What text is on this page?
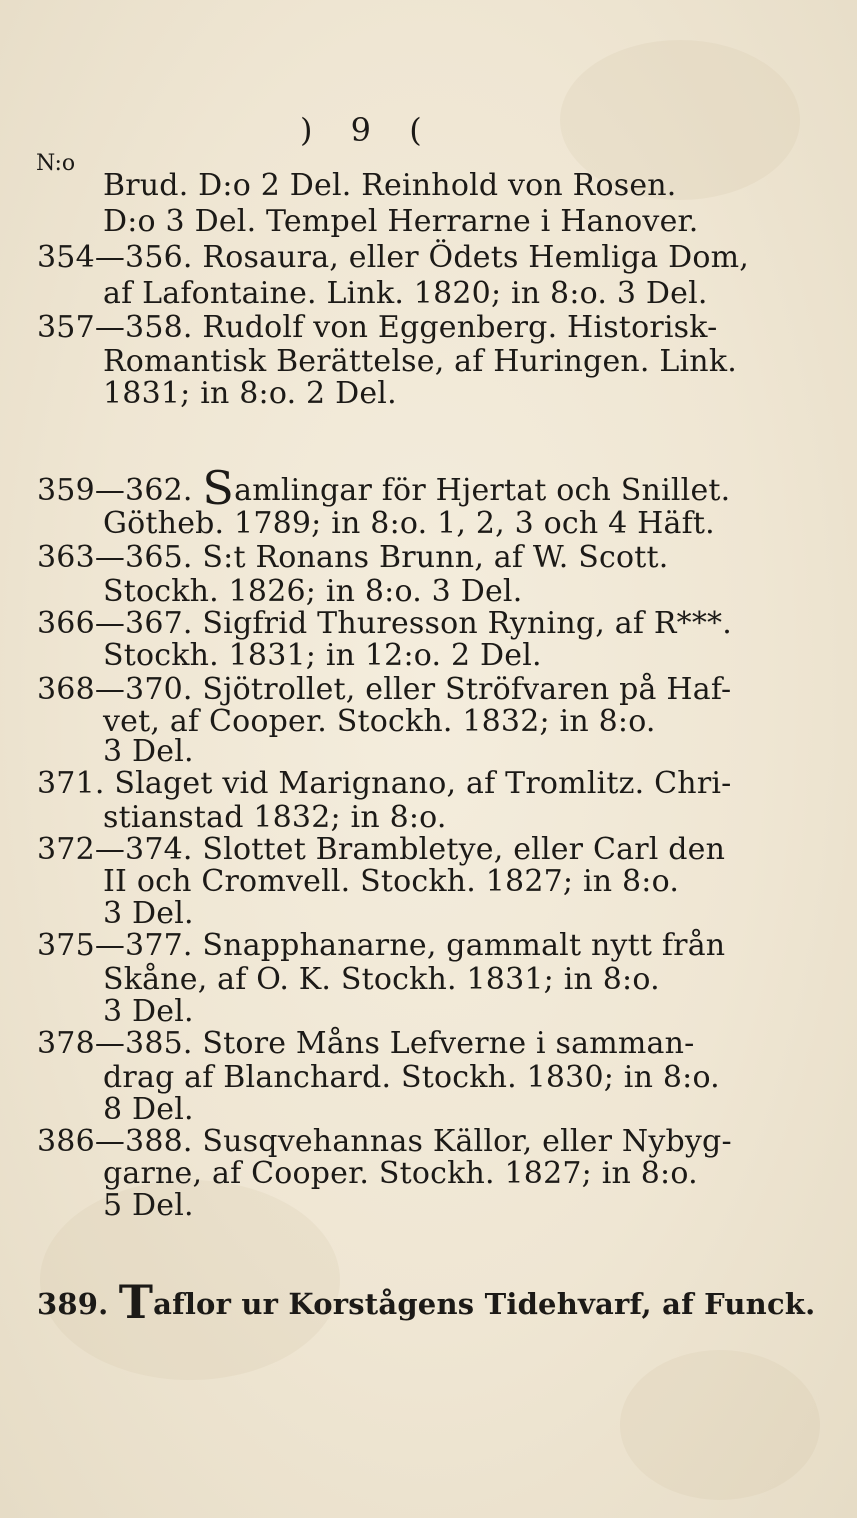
) 9 (
N:o
Brud. D:o 2 Del. Reinhold von Rosen.
D:o 3 Del. Tempel Herrarne i Hanover.
354—356. Rosaura, eller Ödets Hemliga Dom,
af Lafontaine. Link. 1820; in 8:o. 3 Del.
357—358. Rudolf von Eggenberg. Historisk-
Romantisk Berättelse, af Huringen. Link.
1831; in 8:o. 2 Del.
359—362. Samlingar för Hjertat och Snillet.
Götheb. 1789; in 8:o. 1, 2, 3 och 4 Häft.
363—365. S:t Ronans Brunn, af W. Scott.
Stockh. 1826; in 8:o. 3 Del.
366—367. Sigfrid Thuresson Ryning, af R***.
Stockh. 1831; in 12:o. 2 Del.
368—370. Sjötrollet, eller Ströfvaren på Haf-
vet, af Cooper. Stockh. 1832; in 8:o.
3 Del.
371. Slaget vid Marignano, af Tromlitz. Chri-
stianstad 1832; in 8:o.
372—374. Slottet Brambletye, eller Carl den
II och Cromvell. Stockh. 1827; in 8:o.
3 Del.
375—377. Snapphanarne, gammalt nytt från
Skåne, af O. K. Stockh. 1831; in 8:o.
3 Del.
378—385. Store Måns Lefverne i samman-
drag af Blanchard. Stockh. 1830; in 8:o.
8 Del.
386—388. Susqvehannas Källor, eller Nybyg-
garne, af Cooper. Stockh. 1827; in 8:o.
5 Del.
389. Taflor ur Korstågens Tidehvarf, af Funck.
